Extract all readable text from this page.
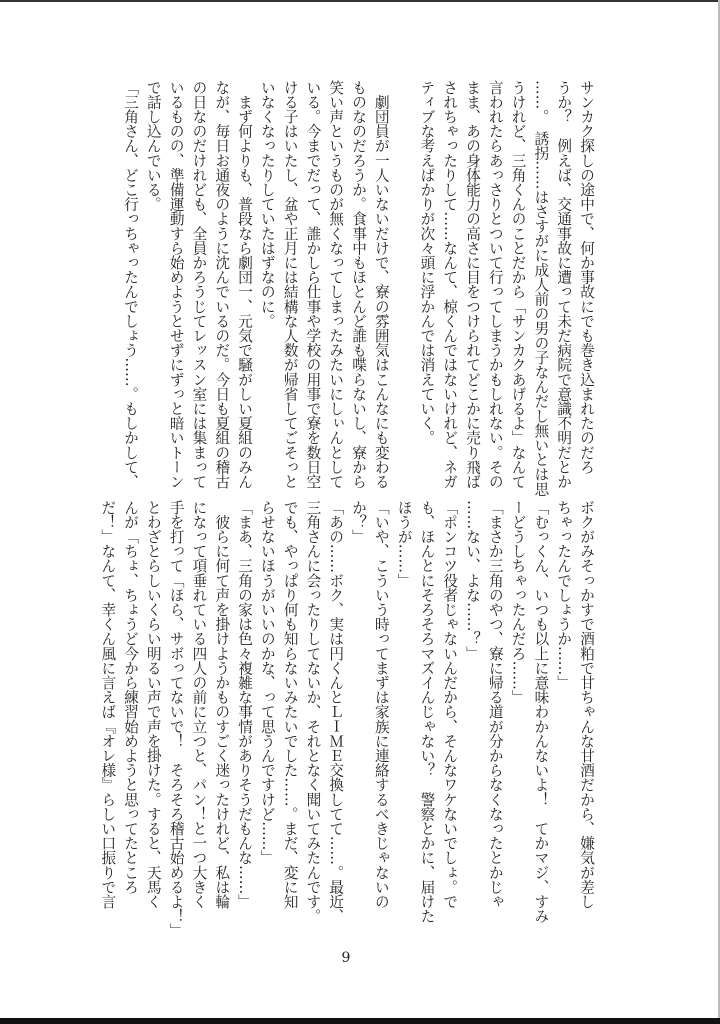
サンカク探しの途中で、何か事故にでも巻き込まれたのだろ
うか？　例えば、交通事故に遭って未だ病院で意識不明だとか
……。　誘拐……はさすがに成人前の男の子なんだし無いとは思
うけれど、三角くんのことだから「サンカクあげるよ」なんて
言われたらあっさりとついて行ってしまうかもしれない。その
まま、あの身体能力の高さに目をつけられてどこかに売り飛ば
されちゃったりして……なんて、椋くんではないけれど、ネガ
ティブな考えばかりが次々頭に浮かんでは消えていく。
　劇団員が一人いないだけで、寮の雰囲気はこんなにも変わる
ものなのだろうか。食事中もほとんど誰も喋らないし、寮から
笑い声というものが無くなってしまったみたいにしぃんとして
いる。今までだって、誰かしら仕事や学校の用事で寮を数日空
ける子はいたし、盆や正月には結構な人数が帰省してごそっと
いなくなったりしていたはずなのに。
　まず何よりも、普段なら劇団一、元気で騒がしい夏組のみん
なが、毎日お通夜のように沈んでいるのだ。今日も夏組の稽古
の日なのだけれども、全員かろうじてレッスン室には集まって
いるものの、準備運動すら始めようとせずにずっと暗いトーン
で話し込んでいる。
「三角さん、どこ行っちゃったんでしょう……。もしかして、
ボクがみそっかすで酒粕で甘ちゃんな甘酒だから、嫌気が差し
ちゃったんでしょうか……」
「むっくん、いつも以上に意味わかんないよ！　てかマジ、すみ
ーどうしちゃったんだろ……」
「まさか三角のやつ、寮に帰る道が分からなくなったとかじゃ
……ない、よな……？」
「ポンコツ役者じゃないんだから、そんなワケないでしょ。で
も、ほんとにそろそろマズイんじゃない？　警察とかに、届けた
ほうが……」
「いや、こういう時ってまずは家族に連絡するべきじゃないの
か？」
「あの……ボク、実は円くんとＬＩＭＥ交換してて……。最近、
三角さんに会ったりしてないか、それとなく聞いてみたんです。
でも、やっぱり何も知らないみたいでした……。まだ、変に知
らせないほうがいいのかな、って思うんですけど……」
「まあ、三角の家は色々複雑な事情がありそうだもんな……」
　彼らに何て声を掛けようかものすごく迷ったけれど、私は輪
になって項垂れている四人の前に立つと、パン！と一つ大きく
手を打って「ほら、サボってないで！　そろそろ稽古始めるよ！」
とわざとらしいくらい明るい声で声を掛けた。すると、天馬く
んが「ちょ、ちょうど今から練習始めようと思ってたところ
だ！」なんて、幸くん風に言えば『オレ様』らしい口振りで言
9
